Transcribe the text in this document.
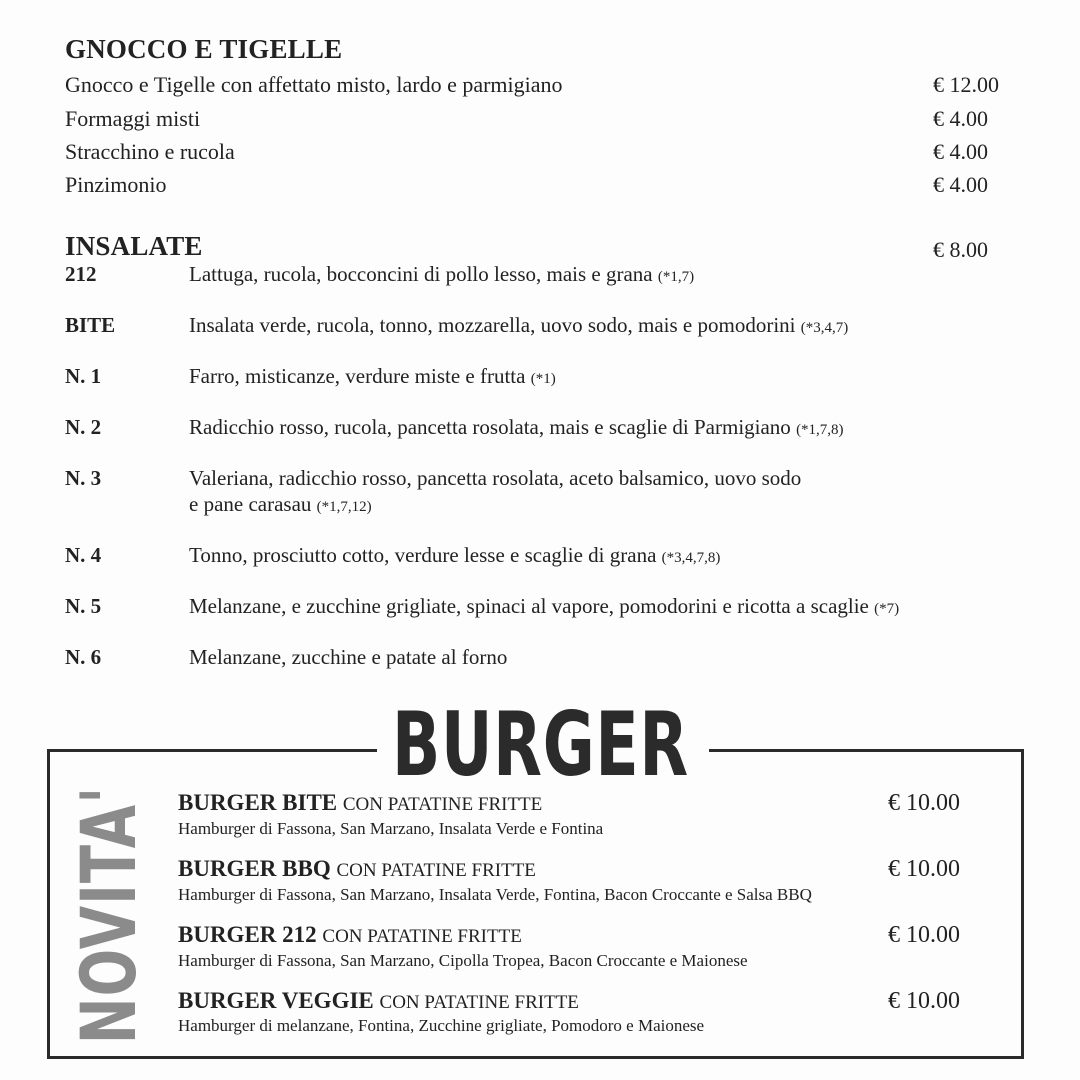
GNOCCO E TIGELLE
Gnocco e Tigelle con affettato misto, lardo e parmigiano	€ 12.00
Formaggi misti	€ 4.00
Stracchino e rucola	€ 4.00
Pinzimonio	€ 4.00
INSALATE	€ 8.00
212	Lattuga, rucola, bocconcini di pollo lesso, mais e grana (*1,7)
BITE	Insalata verde, rucola, tonno, mozzarella, uovo sodo, mais e pomodorini (*3,4,7)
N. 1	Farro, misticanze, verdure miste e frutta (*1)
N. 2	Radicchio rosso, rucola, pancetta rosolata, mais e scaglie di Parmigiano (*1,7,8)
N. 3	Valeriana, radicchio rosso, pancetta rosolata, aceto balsamico, uovo sodo
e pane carasau (*1,7,12)
N. 4	Tonno, prosciutto cotto, verdure lesse e scaglie di grana (*3,4,7,8)
N. 5	Melanzane, e zucchine grigliate, spinaci al vapore, pomodorini e ricotta a scaglie (*7)
N. 6	Melanzane, zucchine e patate al forno
BURGER
NOVITA' BURGER BITE CON PATATINE FRITTE
Hamburger di Fassona, San Marzano, Insalata Verde e Fontina
€ 10.00
BURGER BBQ CON PATATINE FRITTE
Hamburger di Fassona, San Marzano, Insalata Verde, Fontina, Bacon Croccante e Salsa BBQ
€ 10.00
BURGER 212 CON PATATINE FRITTE
Hamburger di Fassona, San Marzano, Cipolla Tropea, Bacon Croccante e Maionese
€ 10.00
BURGER VEGGIE CON PATATINE FRITTE
Hamburger di melanzane, Fontina, Zucchine grigliate, Pomodoro e Maionese
€ 10.00
